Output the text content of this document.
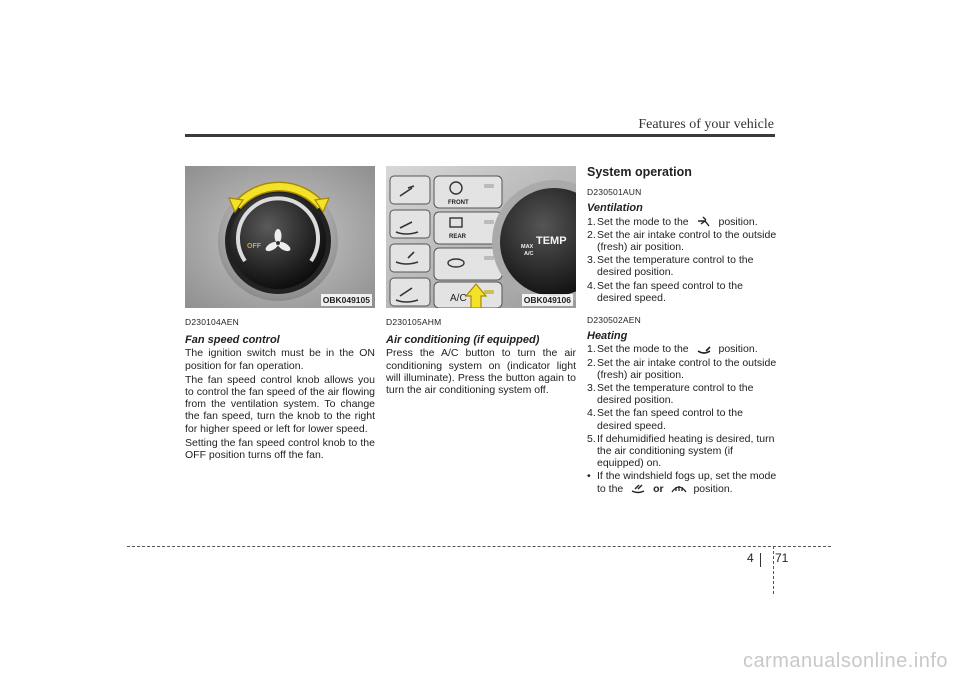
Features of your vehicle
OFF
OBK049105
D230104AEN
Fan speed control

The ignition switch must be in the ON position for fan operation.

The fan speed control knob allows you to control the fan speed of the air flowing from the ventilation system. To change the fan speed, turn the knob to the right for higher speed or left for lower speed.

Setting the fan speed control knob to the OFF position turns off the fan.

FRONT
REAR
A/C
MAX
A/C
TEMP
OBK049106
D230105AHM
Air conditioning (if equipped)

Press the A/C button to turn the air conditioning system on (indicator light will illuminate). Press the button again to turn the air conditioning system off.

System operation
D230501AUN
Ventilation
1.Set the mode to the	position.
2.Set the air intake control to the outside (fresh) air position.
3.Set the temperature control to the desired position.
4.Set the fan speed control to the desired speed.
D230502AEN
Heating
1.Set the mode to the	position.
2.Set the air intake control to the outside (fresh) air position.
3.Set the temperature control to the desired position.
4.Set the fan speed control to the desired speed.
5.If dehumidified heating is desired, turn the air conditioning system (if equipped) on.
• If the windshield fogs up, set the mode to the	or	position.
4 71
carmanualsonline.info
